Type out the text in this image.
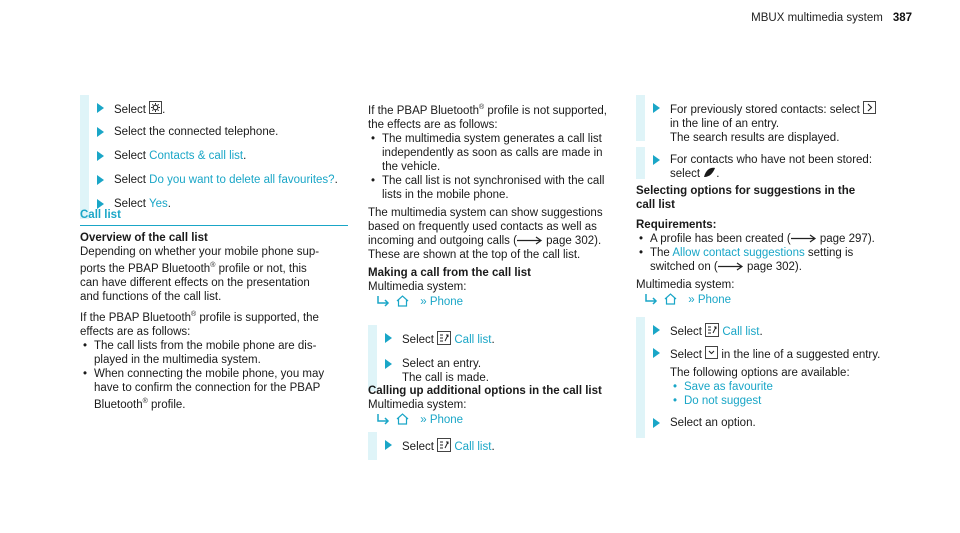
MBUX multimedia system 387
Select .
Select the connected telephone.
Select Contacts & call list.
Select Do you want to delete all favourites?.
Select Yes.

Call list

Overview of the call list

Depending on whether your mobile phone sup-

ports the PBAP Bluetooth® profile or not, this

can have different effects on the presentation

and functions of the call list.

If the PBAP Bluetooth® profile is supported, the

effects are as follows:

• The call lists from the mobile phone are dis-
played in the multimedia system.
• When connecting the mobile phone, you may
have to confirm the connection for the PBAP
Bluetooth® profile.

If the PBAP Bluetooth® profile is not supported,

the effects are as follows:

• The multimedia system generates a call list
independently as soon as calls are made in
the vehicle.
• The call list is not synchronised with the call
lists in the mobile phone.

The multimedia system can show suggestions

based on frequently used contacts as well as

incoming and outgoing calls (	page 302).

These are shown at the top of the call list.

Making a call from the call list

Multimedia system:

» Phone
Select  Call list.

Select an entry.

The call is made.

Calling up additional options in the call list

Multimedia system:

» Phone
Select  Call list.

For previously stored contacts: select

in the line of an entry.

The search results are displayed.

For contacts who have not been stored:

select .

Selecting options for suggestions in the call list

Requirements:

• A profile has been created (	page 297).
• The Allow contact suggestions setting is
switched on (	page 302).

Multimedia system:

» Phone
Select  Call list.

Select  in the line of a suggested entry.

The following options are available:

• Save as favourite
• Do not suggest
Select an option.
